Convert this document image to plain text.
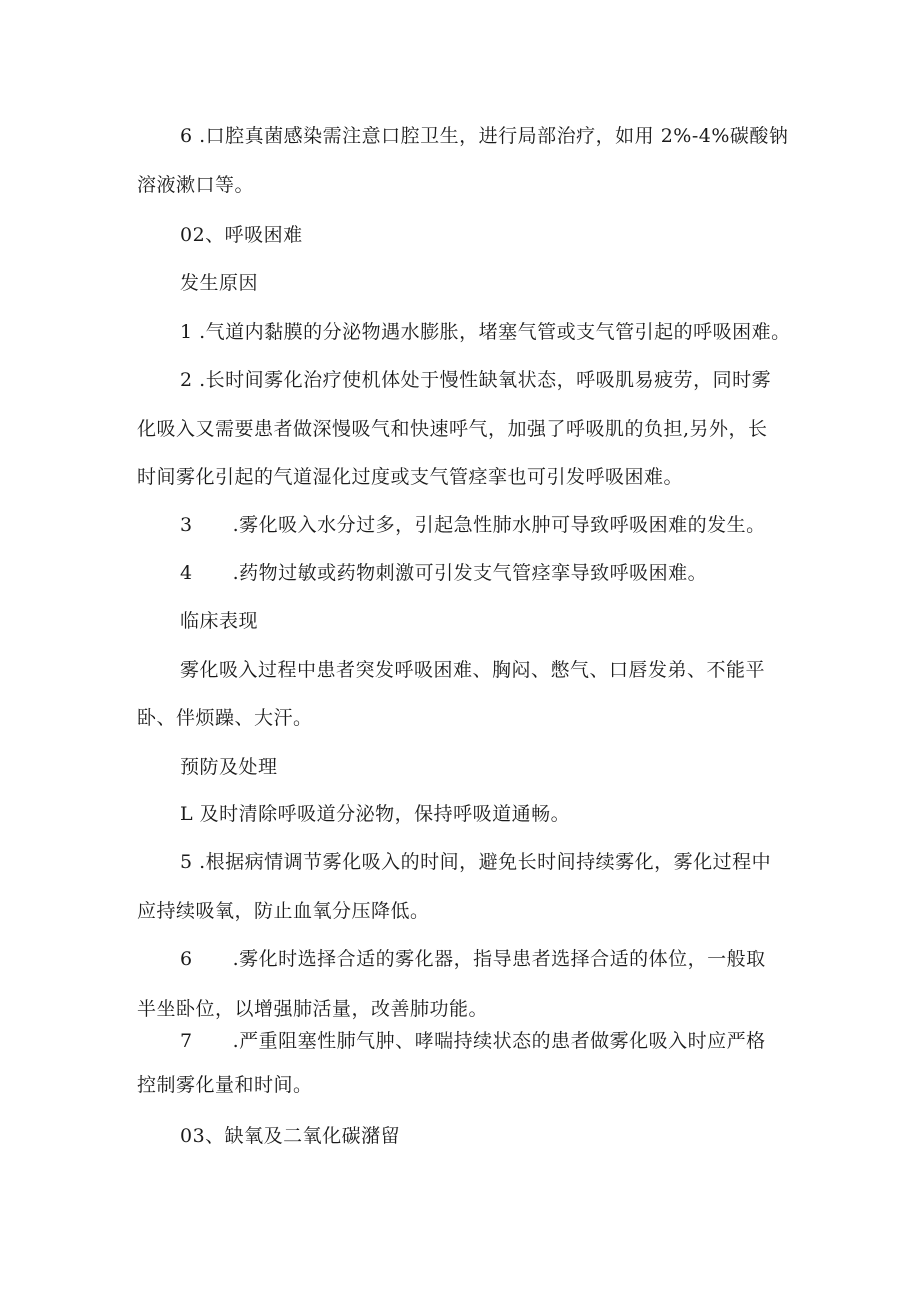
6 .口腔真菌感染需注意口腔卫生，进行局部治疗，如用 2%-4%碳酸钠
溶液漱口等。
02、呼吸困难
发生原因
1 .气道内黏膜的分泌物遇水膨胀，堵塞气管或支气管引起的呼吸困难。
2 .长时间雾化治疗使机体处于慢性缺氧状态，呼吸肌易疲劳，同时雾
化吸入又需要患者做深慢吸气和快速呼气，加强了呼吸肌的负担,另外，长
时间雾化引起的气道湿化过度或支气管痉挛也可引发呼吸困难。
3 .雾化吸入水分过多，引起急性肺水肿可导致呼吸困难的发生。
4 .药物过敏或药物刺激可引发支气管痉挛导致呼吸困难。
临床表现
雾化吸入过程中患者突发呼吸困难、胸闷、憋气、口唇发弟、不能平
卧、伴烦躁、大汗。
预防及处理
L 及时清除呼吸道分泌物，保持呼吸道通畅。
5 .根据病情调节雾化吸入的时间，避免长时间持续雾化，雾化过程中
应持续吸氧，防止血氧分压降低。
6 .雾化时选择合适的雾化器，指导患者选择合适的体位，一般取
半坐卧位，以增强肺活量，改善肺功能。
7 .严重阻塞性肺气肿、哮喘持续状态的患者做雾化吸入时应严格
控制雾化量和时间。
03、缺氧及二氧化碳潴留
